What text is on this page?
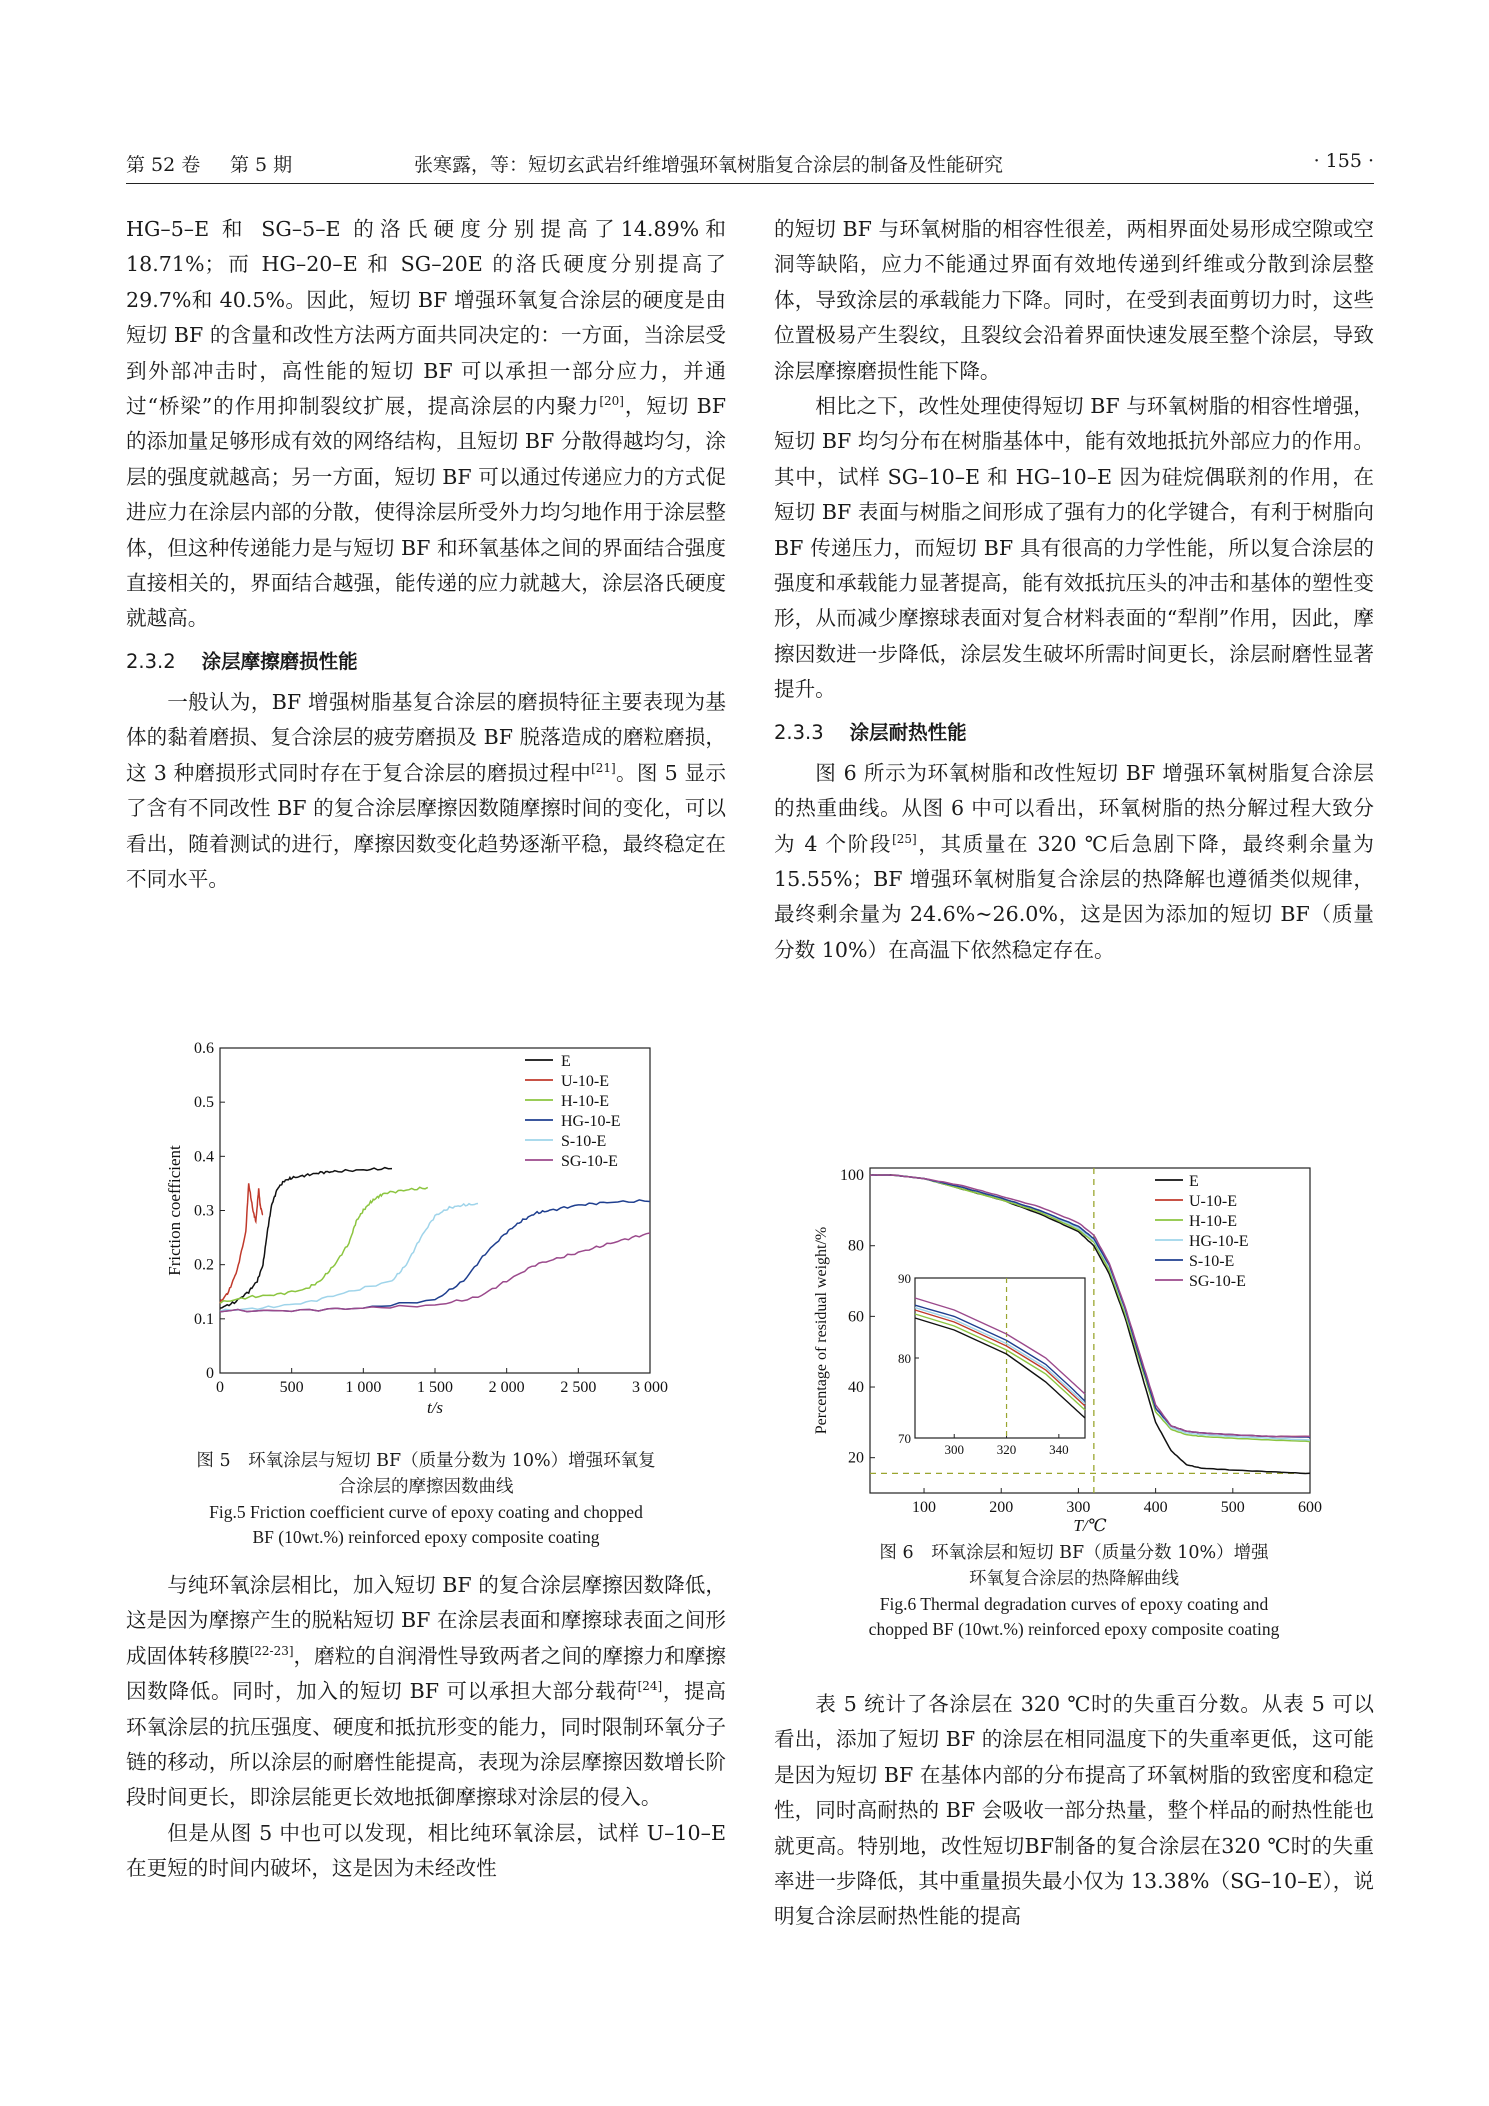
第 52 卷 第 5 期	张寒露，等：短切玄武岩纤维增强环氧树脂复合涂层的制备及性能研究	· 155 ·

HG–5–E 和 SG–5–E 的洛氏硬度分别提高了14.89%和 18.71%；而 HG–20–E 和 SG–20E 的洛氏硬度分别提高了 29.7%和 40.5%。因此，短切 BF 增强环氧复合涂层的硬度是由短切 BF 的含量和改性方法两方面共同决定的：一方面，当涂层受到外部冲击时，高性能的短切 BF 可以承担一部分应力，并通过“桥梁”的作用抑制裂纹扩展，提高涂层的内聚力[20]，短切 BF 的添加量足够形成有效的网络结构，且短切 BF 分散得越均匀，涂层的强度就越高；另一方面，短切 BF 可以通过传递应力的方式促进应力在涂层内部的分散，使得涂层所受外力均匀地作用于涂层整体，但这种传递能力是与短切 BF 和环氧基体之间的界面结合强度直接相关的，界面结合越强，能传递的应力就越大，涂层洛氏硬度就越高。

2.3.2 涂层摩擦磨损性能

一般认为，BF 增强树脂基复合涂层的磨损特征主要表现为基体的黏着磨损、复合涂层的疲劳磨损及 BF 脱落造成的磨粒磨损，这 3 种磨损形式同时存在于复合涂层的磨损过程中[21]。图 5 显示了含有不同改性 BF 的复合涂层摩擦因数随摩擦时间的变化，可以看出，随着测试的进行，摩擦因数变化趋势逐渐平稳，最终稳定在不同水平。

0	500	1 000 1 500 2 000 2 500 3 000
0
0.1
0.2
0.3
0.4
0.5
0.6
t/s
Friction coefficient
E
U-10-E
H-10-E
HG-10-E
S-10-E
SG-10-E
图 5　环氧涂层与短切 BF（质量分数为 10%）增强环氧复
合涂层的摩擦因数曲线
Fig.5 Friction coefficient curve of epoxy coating and chopped
BF (10wt.%) reinforced epoxy composite coating

与纯环氧涂层相比，加入短切 BF 的复合涂层摩擦因数降低，这是因为摩擦产生的脱粘短切 BF 在涂层表面和摩擦球表面之间形成固体转移膜[22-23]，磨粒的自润滑性导致两者之间的摩擦力和摩擦因数降低。同时，加入的短切 BF 可以承担大部分载荷[24]，提高环氧涂层的抗压强度、硬度和抵抗形变的能力，同时限制环氧分子链的移动，所以涂层的耐磨性能提高，表现为涂层摩擦因数增长阶段时间更长，即涂层能更长效地抵御摩擦球对涂层的侵入。

但是从图 5 中也可以发现，相比纯环氧涂层，试样 U–10–E 在更短的时间内破坏，这是因为未经改性

的短切 BF 与环氧树脂的相容性很差，两相界面处易形成空隙或空洞等缺陷，应力不能通过界面有效地传递到纤维或分散到涂层整体，导致涂层的承载能力下降。同时，在受到表面剪切力时，这些位置极易产生裂纹，且裂纹会沿着界面快速发展至整个涂层，导致涂层摩擦磨损性能下降。

相比之下，改性处理使得短切 BF 与环氧树脂的相容性增强，短切 BF 均匀分布在树脂基体中，能有效地抵抗外部应力的作用。其中，试样 SG–10–E 和 HG–10–E 因为硅烷偶联剂的作用，在短切 BF 表面与树脂之间形成了强有力的化学键合，有利于树脂向 BF 传递压力，而短切 BF 具有很高的力学性能，所以复合涂层的强度和承载能力显著提高，能有效抵抗压头的冲击和基体的塑性变形，从而减少摩擦球表面对复合材料表面的“犁削”作用，因此，摩擦因数进一步降低，涂层发生破坏所需时间更长，涂层耐磨性显著提升。

2.3.3 涂层耐热性能

图 6 所示为环氧树脂和改性短切 BF 增强环氧树脂复合涂层的热重曲线。从图 6 中可以看出，环氧树脂的热分解过程大致分为 4 个阶段[25]，其质量在 320 ℃后急剧下降，最终剩余量为 15.55%；BF 增强环氧树脂复合涂层的热降解也遵循类似规律，最终剩余量为 24.6%~26.0%，这是因为添加的短切 BF（质量分数 10%）在高温下依然稳定存在。

100	200	300	400	500	600
20
40
60
80
100
T/℃
Percentage of residual weight/%
E
U-10-E
H-10-E
HG-10-E
S-10-E
SG-10-E
300	320	340
70
80
90
图 6　环氧涂层和短切 BF（质量分数 10%）增强
环氧复合涂层的热降解曲线
Fig.6 Thermal degradation curves of epoxy coating and
chopped BF (10wt.%) reinforced epoxy composite coating

表 5 统计了各涂层在 320 ℃时的失重百分数。从表 5 可以看出，添加了短切 BF 的涂层在相同温度下的失重率更低，这可能是因为短切 BF 在基体内部的分布提高了环氧树脂的致密度和稳定性，同时高耐热的 BF 会吸收一部分热量，整个样品的耐热性能也就更高。特别地，改性短切BF制备的复合涂层在320 ℃时的失重率进一步降低，其中重量损失最小仅为 13.38%（SG–10–E），说明复合涂层耐热性能的提高
